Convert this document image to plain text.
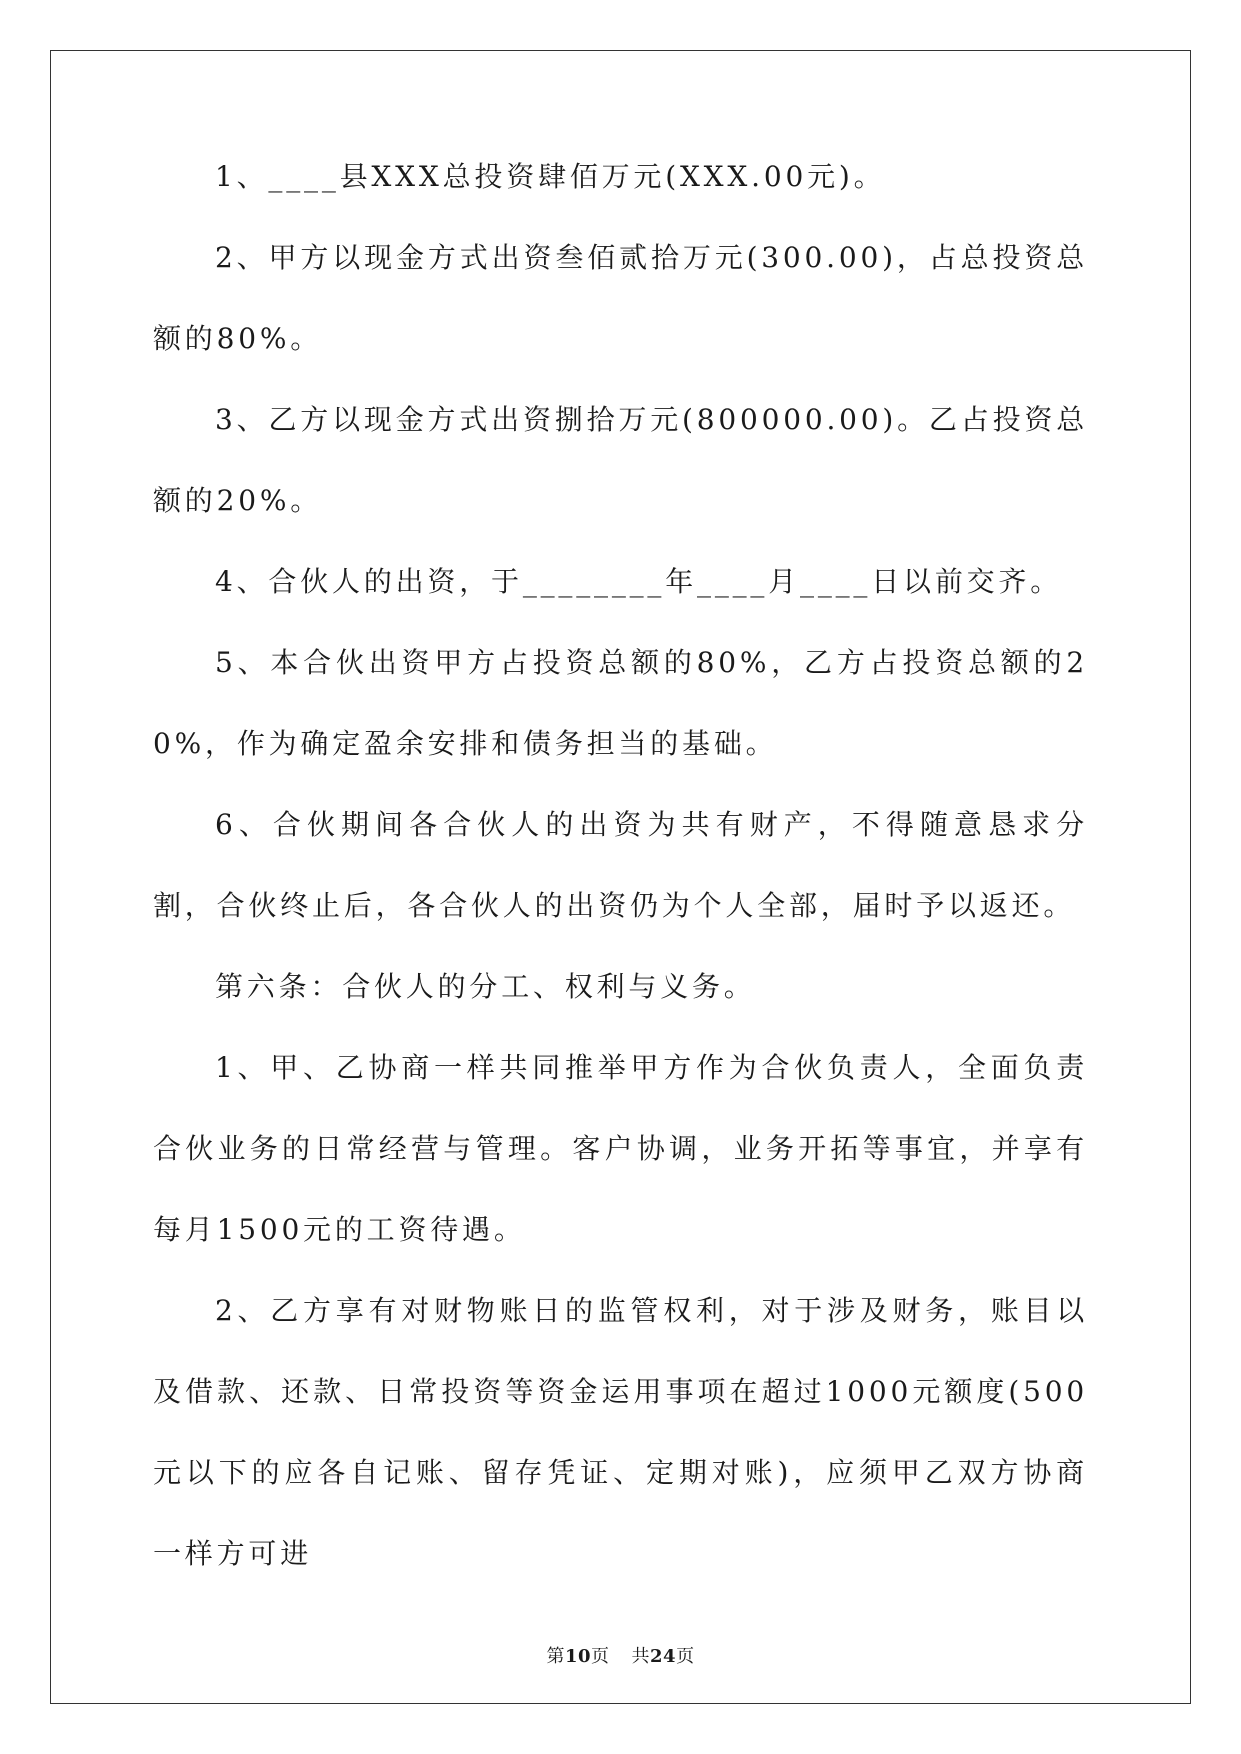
1、____县XXX总投资肆佰万元(XXX.00元)。

2、甲方以现金方式出资叁佰贰拾万元(300.00)，占总投资总额的80%。

3、乙方以现金方式出资捌拾万元(800000.00)。乙占投资总额的20%。

4、合伙人的出资，于________年____月____日以前交齐。

5、本合伙出资甲方占投资总额的80%，乙方占投资总额的20%，作为确定盈余安排和债务担当的基础。

6、合伙期间各合伙人的出资为共有财产，不得随意恳求分割，合伙终止后，各合伙人的出资仍为个人全部，届时予以返还。

第六条：合伙人的分工、权利与义务。

1、甲、乙协商一样共同推举甲方作为合伙负责人，全面负责合伙业务的日常经营与管理。客户协调，业务开拓等事宜，并享有每月1500元的工资待遇。

2、乙方享有对财物账日的监管权利，对于涉及财务，账目以及借款、还款、日常投资等资金运用事项在超过1000元额度(500元以下的应各自记账、留存凭证、定期对账)，应须甲乙双方协商一样方可进

第10页 共24页
